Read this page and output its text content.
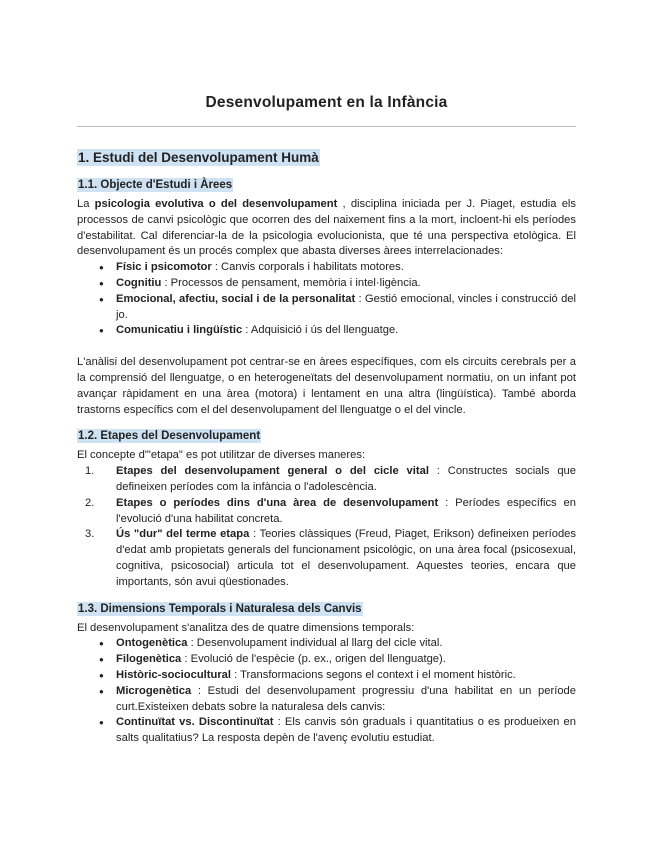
Desenvolupament en la Infància
1. Estudi del Desenvolupament Humà
1.1. Objecte d'Estudi i Àrees

La psicologia evolutiva o del desenvolupament , disciplina iniciada per J. Piaget, estudia els processos de canvi psicològic que ocorren des del naixement fins a la mort, incloent-hi els períodes d'estabilitat. Cal diferenciar-la de la psicologia evolucionista, que té una perspectiva etològica. El desenvolupament és un procés complex que abasta diverses àrees interrelacionades:

● Físic i psicomotor : Canvis corporals i habilitats motores.
● Cognitiu : Processos de pensament, memòria i intel·ligència.
● Emocional, afectiu, social i de la personalitat : Gestió emocional, vincles i construcció del jo.
● Comunicatiu i lingüístic : Adquisició i ús del llenguatge.

L'anàlisi del desenvolupament pot centrar-se en àrees específiques, com els circuits cerebrals per a la comprensió del llenguatge, o en heterogeneïtats del desenvolupament normatiu, on un infant pot avançar ràpidament en una àrea (motora) i lentament en una altra (lingüística). També aborda trastorns específics com el del desenvolupament del llenguatge o el del vincle.

1.2. Etapes del Desenvolupament

El concepte d'"etapa" es pot utilitzar de diverses maneres:

1. Etapes del desenvolupament general o del cicle vital : Constructes socials que defineixen períodes com la infància o l'adolescència.
2. Etapes o períodes dins d'una àrea de desenvolupament : Períodes específics en l'evolució d'una habilitat concreta.
3. Ús "dur" del terme etapa : Teories clàssiques (Freud, Piaget, Erikson) defineixen períodes d'edat amb propietats generals del funcionament psicològic, on una àrea focal (psicosexual, cognitiva, psicosocial) articula tot el desenvolupament. Aquestes teories, encara que importants, són avui qüestionades.
1.3. Dimensions Temporals i Naturalesa dels Canvis

El desenvolupament s'analitza des de quatre dimensions temporals:

● Ontogenètica : Desenvolupament individual al llarg del cicle vital.
● Filogenètica : Evolució de l'espècie (p. ex., origen del llenguatge).
● Històric-sociocultural : Transformacions segons el context i el moment històric.
● Microgenètica : Estudi del desenvolupament progressiu d'una habilitat en un període curt.Existeixen debats sobre la naturalesa dels canvis:
● Continuïtat vs. Discontinuïtat : Els canvis són graduals i quantitatius o es produeixen en salts qualitatius? La resposta depèn de l'avenç evolutiu estudiat.
